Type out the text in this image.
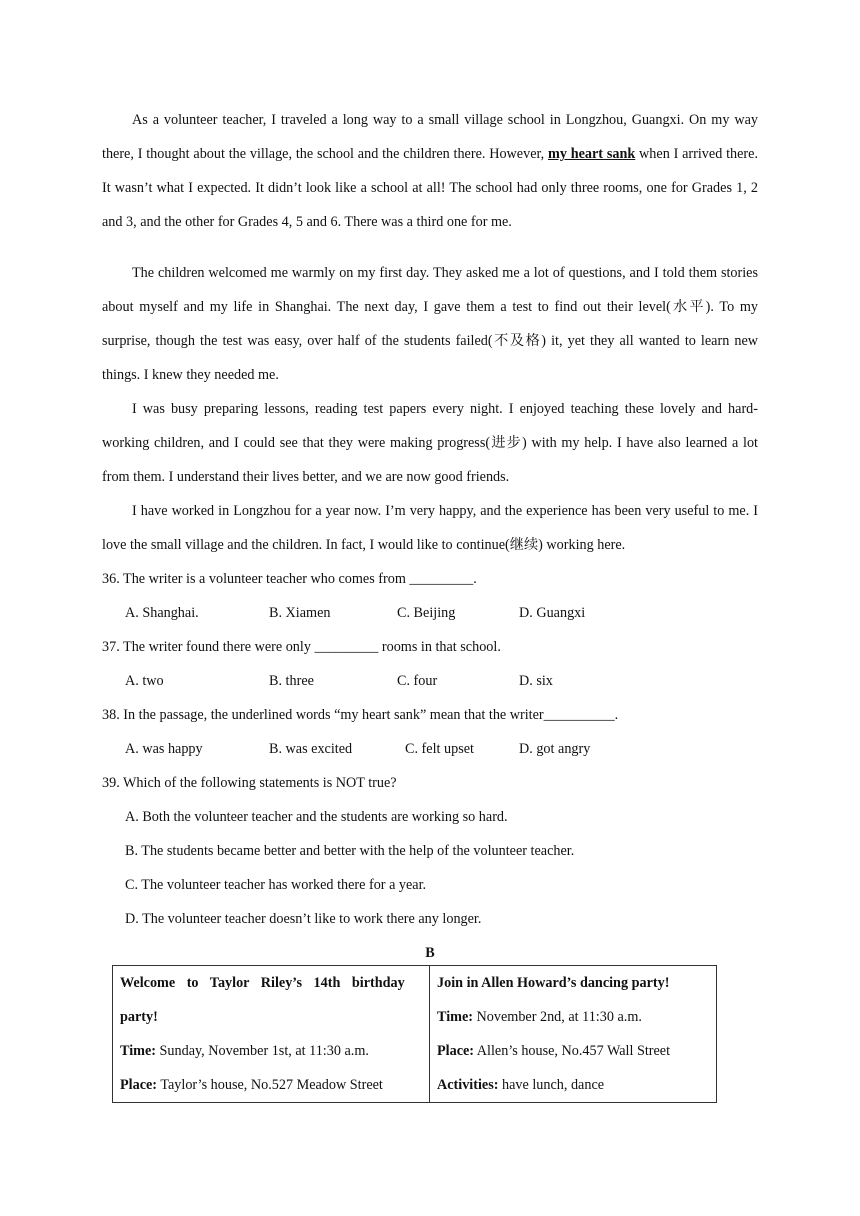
As a volunteer teacher, I traveled a long way to a small village school in Longzhou, Guangxi. On my way there, I thought about the village, the school and the children there. However, my heart sank when I arrived there. It wasn’t what I expected. It didn’t look like a school at all! The school had only three rooms, one for Grades 1, 2 and 3, and the other for Grades 4, 5 and 6. There was a third one for me.

The children welcomed me warmly on my first day. They asked me a lot of questions, and I told them stories about myself and my life in Shanghai. The next day, I gave them a test to find out their level(水平). To my surprise, though the test was easy, over half of the students failed(不及格) it, yet they all wanted to learn new things. I knew they needed me.

I was busy preparing lessons, reading test papers every night. I enjoyed teaching these lovely and hard-working children, and I could see that they were making progress(进步) with my help. I have also learned a lot from them. I understand their lives better, and we are now good friends.

I have worked in Longzhou for a year now. I’m very happy, and the experience has been very useful to me. I love the small village and the children. In fact, I would like to continue(继续) working here.

36. The writer is a volunteer teacher who comes from _________.

A. Shanghai.	B. Xiamen	C. Beijing	D. Guangxi

37. The writer found there were only _________ rooms in that school.

A. two	B. three	C. four	D. six

38. In the passage, the underlined words “my heart sank” mean that the writer__________.

A. was happy	B. was excited	C. felt upset	D. got angry

39. Which of the following statements is NOT true?

A. Both the volunteer teacher and the students are working so hard.

B. The students became better and better with the help of the volunteer teacher.

C. The volunteer teacher has worked there for a year.

D. The volunteer teacher doesn’t like to work there any longer.

B

Welcome to Taylor Riley’s 14th birthday
party!
Time: Sunday, November 1st, at 11:30 a.m.
Place: Taylor’s house, No.527 Meadow Street

Join in Allen Howard’s dancing party!
Time: November 2nd, at 11:30 a.m.
Place: Allen’s house, No.457 Wall Street
Activities: have lunch, dance
